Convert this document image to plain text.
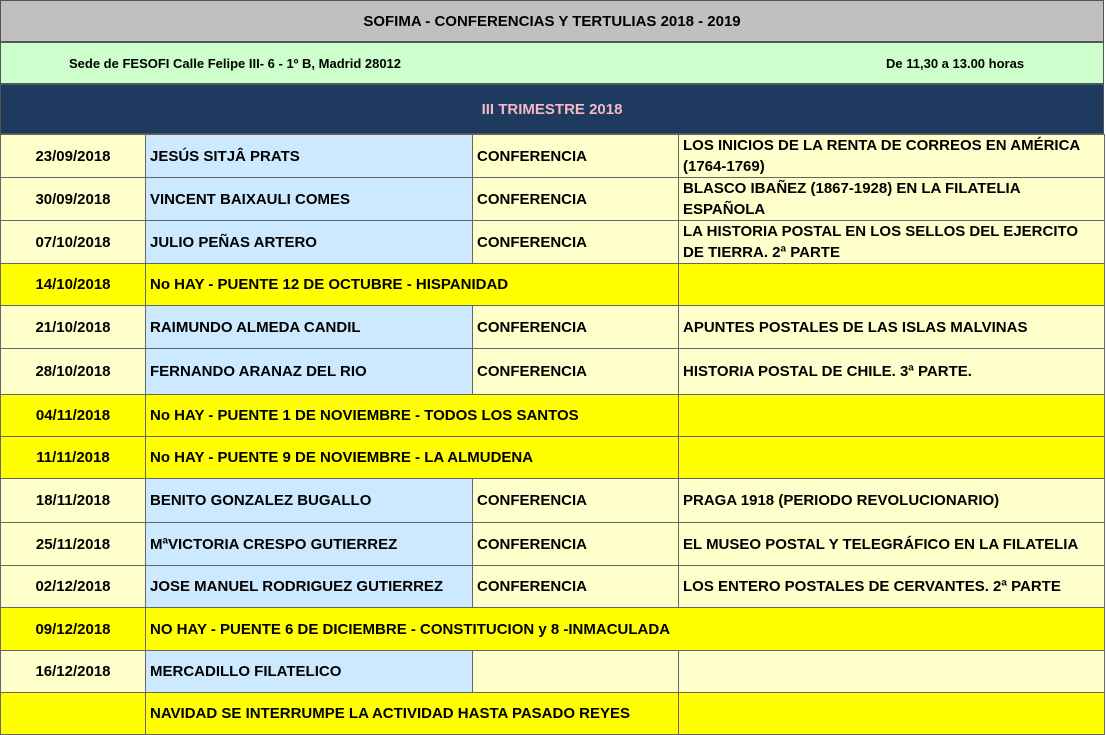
SOFIMA - CONFERENCIAS Y TERTULIAS 2018 - 2019
Sede de FESOFI Calle Felipe III- 6 - 1º B, Madrid 28012	De 11,30 a 13.00 horas
III TRIMESTRE 2018
23/09/2018	JESÚS SITJÂ PRATS	CONFERENCIA	LOS INICIOS DE LA RENTA DE CORREOS EN AMÉRICA (1764-1769)
30/09/2018	VINCENT BAIXAULI COMES	CONFERENCIA	BLASCO IBAÑEZ (1867-1928) EN LA FILATELIA ESPAÑOLA
07/10/2018	JULIO PEÑAS ARTERO	CONFERENCIA	LA HISTORIA POSTAL EN LOS SELLOS DEL EJERCITO DE TIERRA. 2ª PARTE
14/10/2018	No HAY - PUENTE 12 DE OCTUBRE - HISPANIDAD		
21/10/2018	RAIMUNDO ALMEDA CANDIL	CONFERENCIA	APUNTES POSTALES DE LAS ISLAS MALVINAS
28/10/2018	FERNANDO ARANAZ DEL RIO	CONFERENCIA	HISTORIA POSTAL DE CHILE. 3ª PARTE.
04/11/2018	No HAY - PUENTE 1 DE NOVIEMBRE - TODOS LOS SANTOS		
11/11/2018	No HAY - PUENTE 9 DE NOVIEMBRE - LA ALMUDENA		
18/11/2018	BENITO GONZALEZ BUGALLO	CONFERENCIA	PRAGA 1918 (PERIODO REVOLUCIONARIO)
25/11/2018	MªVICTORIA CRESPO GUTIERREZ	CONFERENCIA	EL MUSEO POSTAL Y TELEGRÁFICO EN LA FILATELIA
02/12/2018	JOSE MANUEL RODRIGUEZ GUTIERREZ	CONFERENCIA	LOS ENTERO POSTALES DE CERVANTES. 2ª PARTE
09/12/2018	NO HAY - PUENTE 6 DE DICIEMBRE - CONSTITUCION y 8 -INMACULADA		
16/12/2018	MERCADILLO FILATELICO		
	NAVIDAD SE INTERRUMPE LA ACTIVIDAD HASTA PASADO REYES		
